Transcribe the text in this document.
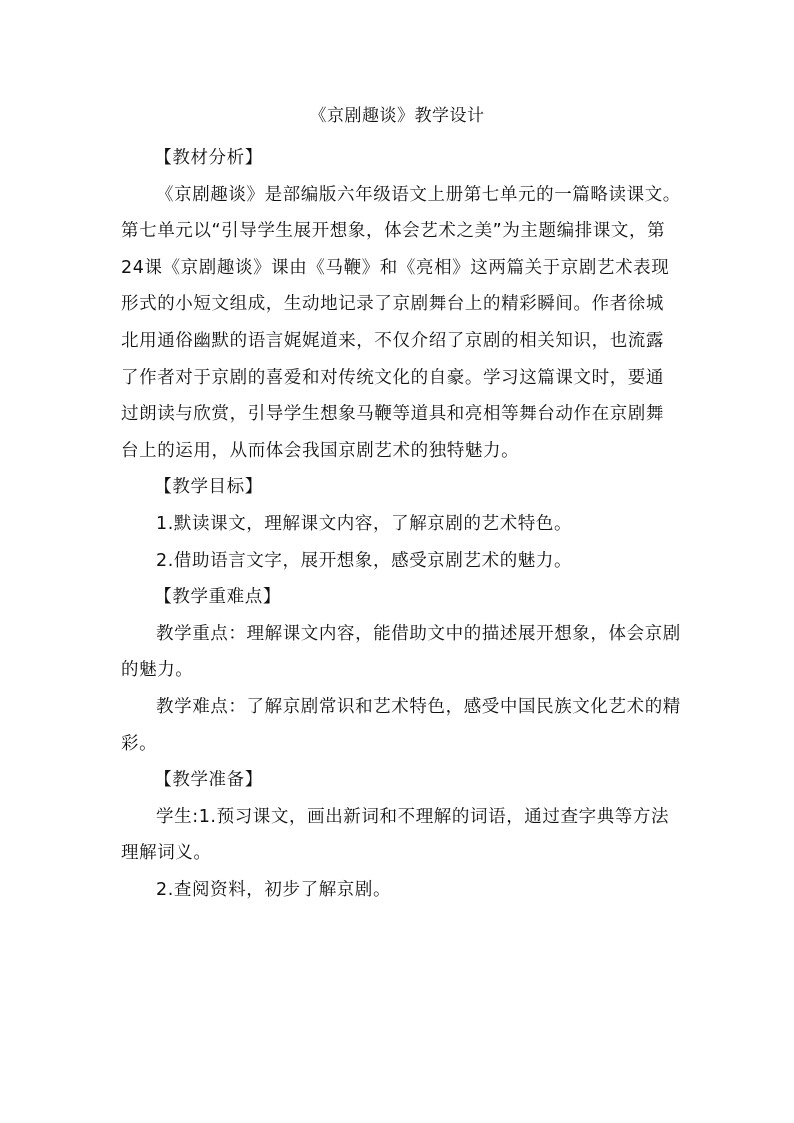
《京剧趣谈》教学设计

【教材分析】

《京剧趣谈》是部编版六年级语文上册第七单元的一篇略读课文。第七单元以“引导学生展开想象，体会艺术之美”为主题编排课文，第24课《京剧趣谈》课由《马鞭》和《亮相》这两篇关于京剧艺术表现形式的小短文组成，生动地记录了京剧舞台上的精彩瞬间。作者徐城北用通俗幽默的语言娓娓道来，不仅介绍了京剧的相关知识，也流露了作者对于京剧的喜爱和对传统文化的自豪。学习这篇课文时，要通过朗读与欣赏，引导学生想象马鞭等道具和亮相等舞台动作在京剧舞台上的运用，从而体会我国京剧艺术的独特魅力。

【教学目标】

1.默读课文，理解课文内容，了解京剧的艺术特色。

2.借助语言文字，展开想象，感受京剧艺术的魅力。

【教学重难点】

教学重点：理解课文内容，能借助文中的描述展开想象，体会京剧的魅力。

教学难点：了解京剧常识和艺术特色，感受中国民族文化艺术的精彩。

【教学准备】

学生:1.预习课文，画出新词和不理解的词语，通过查字典等方法理解词义。

2.查阅资料，初步了解京剧。
